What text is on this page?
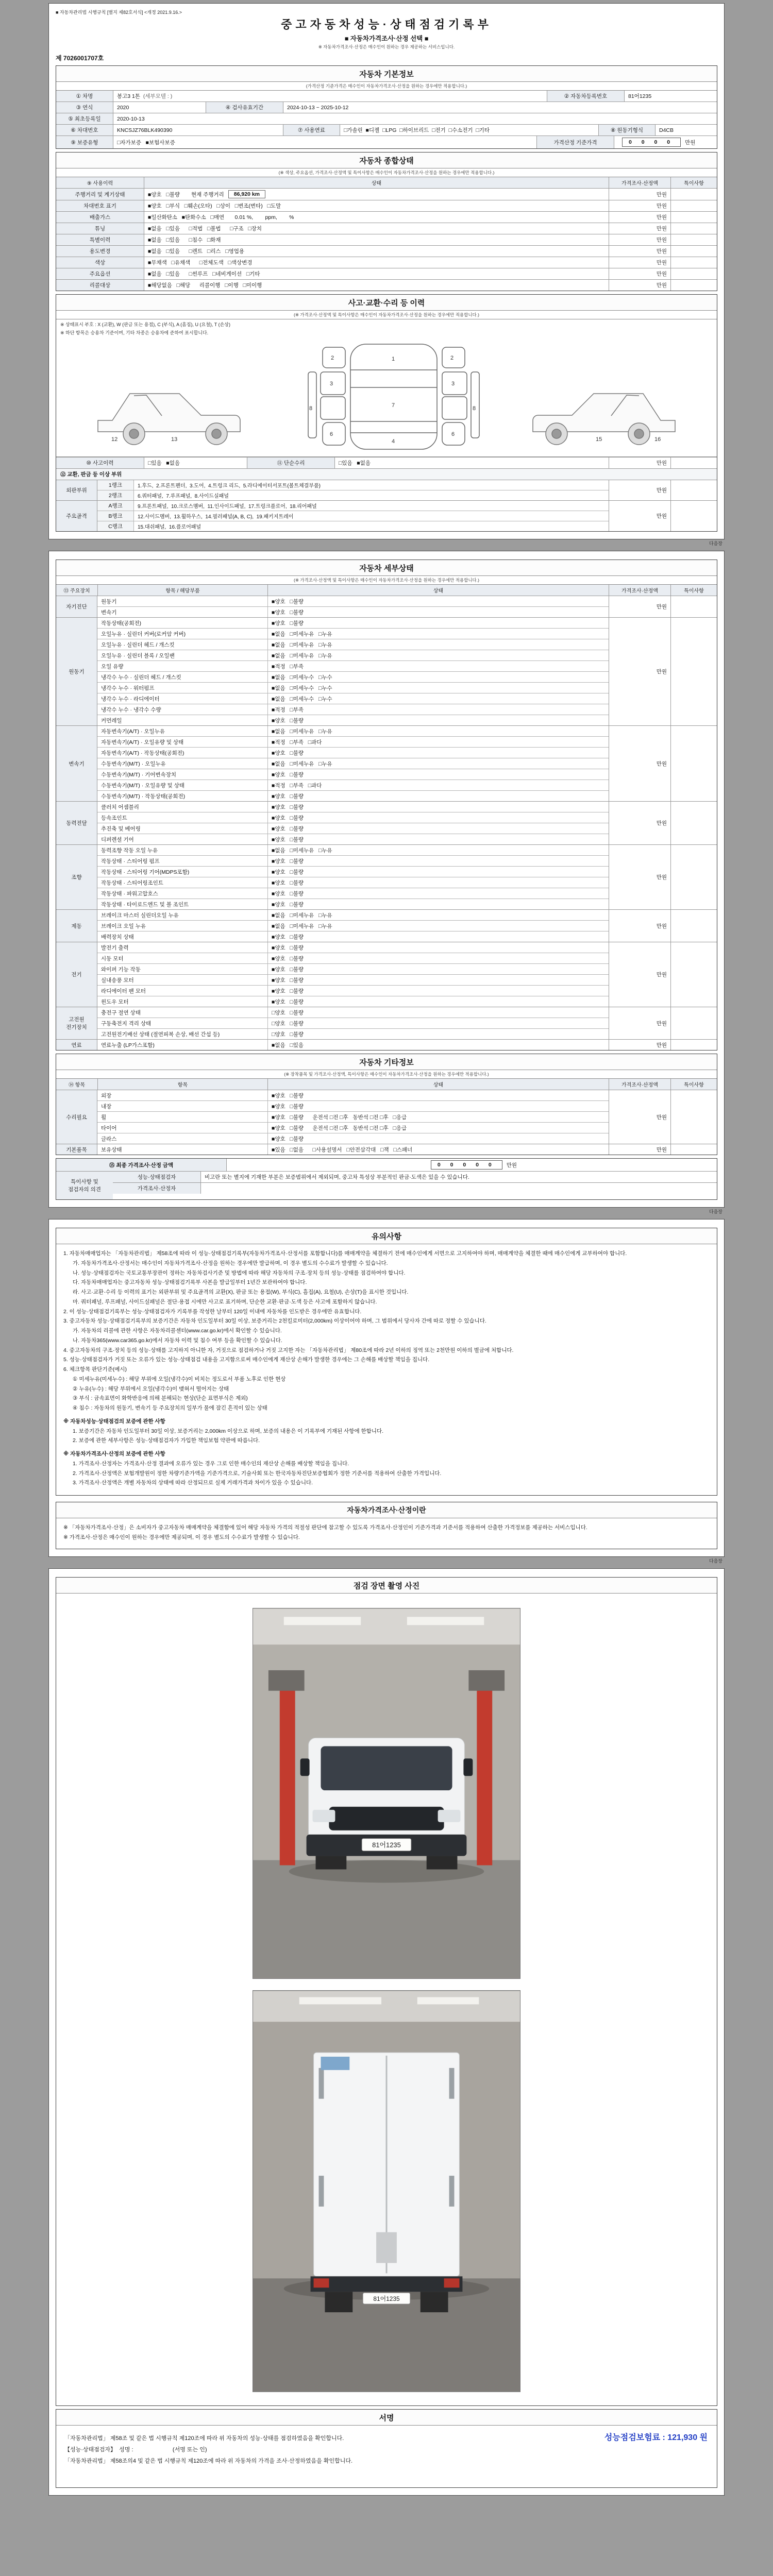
■ 자동차관리법 시행규칙 [별지 제82호서식] <개정 2021.9.16.>
중고자동차성능·상태점검기록부
■ 자동차가격조사·산정 선택 ■
※ 자동차가격조사·산정은 매수인이 원하는 경우 제공하는 서비스입니다.
제 7026001707호
자동차 기본정보
(가격산정 기준가격은 매수인이 자동차가격조사·산정을 원하는 경우에만 적용합니다.)
① 차명	봉고3 1톤
(세부모델 : )	② 자동차등록번호	81어1235
③ 연식	2020	④ 검사유효기간	2024-10-13 ~ 2025-10-12
⑤ 최초등록일	2020-10-13
⑥ 차대번호	KNCSJZ76BLK490390	⑦ 사용연료	□가솔린  ■디젤  □LPG  □하이브리드  □전기  □수소전기  □기타	⑧ 원동기형식	D4CB
⑨ 보증유형	□자가보증   ■보험사보증	가격산정 기준가격	0 0 0 0	만원
자동차 종합상태
(※ 색상, 주요옵션, 가격조사·산정액 및 특이사항은 매수인이 자동차가격조사·산정을 원하는 경우에만 적용합니다.)
⑨ 사용이력	상태	가격조사·산정액	특이사항
주행거리 및 계기상태	■양호   □불량 현재 주행거리	86,920 km	만원
차대번호 표기	■양호   □부식   □훼손(오타)   □상이   □변조(변타)   □도말	만원
배출가스	■일산화탄소   ■탄화수소   □매연       0.01 %,        ppm,        %	만원
튜닝	■없음   □있음      □적법   □불법      □구조   □장치	만원
특별이력	■없음   □있음      □침수   □화재	만원
용도변경	■없음   □있음      □렌트   □리스   □영업용	만원
색상	■무채색   □유채색      □전체도색   □색상변경	만원
주요옵션	■없음   □있음      □썬루프   □네비게이션   □기타	만원
리콜대상	■해당없음   □해당      리콜이행   □이행   □미이행	만원
사고·교환·수리 등 이력
(※ 가격조사·산정액 및 특이사항은 매수인이 자동차가격조사·산정을 원하는 경우에만 적용합니다.)
※ 상태표시 부호 : X (교환), W (판금 또는 용접), C (부식), A (흠집), U (요철), T (손상)
※ 하단 항목은 승용차 기준이며, 기타 차종은 승용차에 준하여 표시합니다.
12	13
1
7
4
2	2
3	3
6	6
8	8
15	16
⑩ 사고이력	□있음   ■없음	⑪ 단순수리	□있음   ■없음	만원
⑫ 교환, 판금 등 이상 부위
외판부위
1랭크	1.후드,  2.프론트펜더,  3.도어,  4.트렁크 리드,  5.라디에이터서포트(볼트체결부품)
2랭크	6.쿼터패널,  7.루프패널,  8.사이드실패널
만원
주요골격
A랭크	9.프론트패널,  10.크로스멤버,  11.인사이드패널,  17.트렁크플로어,  18.리어패널
B랭크	12.사이드멤버,  13.휠하우스,  14.필러패널(A, B, C),  19.패키지트레이
C랭크	15.대쉬패널,  16.플로어패널
만원
다음장
자동차 세부상태
(※ 가격조사·산정액 및 특이사항은 매수인이 자동차가격조사·산정을 원하는 경우에만 적용합니다.)
⑬ 주요장치	항목 / 해당부품	상태	가격조사·산정액	특이사항
자기진단
원동기	■양호   □불량
변속기	■양호   □불량
만원
원동기
작동상태(공회전)	■양호   □불량
오일누유 · 실린더 커버(로커암 커버)	■없음   □미세누유   □누유
오일누유 · 실린더 헤드 / 개스킷	■없음   □미세누유   □누유
오일누유 · 실린더 블록 / 오일팬	■없음   □미세누유   □누유
오일 유량	■적정   □부족
냉각수 누수 · 실린더 헤드 / 개스킷	■없음   □미세누수   □누수
냉각수 누수 · 워터펌프	■없음   □미세누수   □누수
냉각수 누수 · 라디에이터	■없음   □미세누수   □누수
냉각수 누수 · 냉각수 수량	■적정   □부족
커먼레일	■양호   □불량
만원
변속기
자동변속기(A/T) · 오일누유	■없음   □미세누유   □누유
자동변속기(A/T) · 오일유량 및 상태	■적정   □부족   □과다
자동변속기(A/T) · 작동상태(공회전)	■양호   □불량
수동변속기(M/T) · 오일누유	■없음   □미세누유   □누유
수동변속기(M/T) · 기어변속장치	■양호   □불량
수동변속기(M/T) · 오일유량 및 상태	■적정   □부족   □과다
수동변속기(M/T) · 작동상태(공회전)	■양호   □불량
만원
동력전달
클러치 어셈블리	■양호   □불량
등속조인트	■양호   □불량
추진축 및 베어링	■양호   □불량
디퍼렌셜 기어	■양호   □불량
만원
조향
동력조향 작동 오일 누유	■없음   □미세누유   □누유
작동상태 · 스티어링 펌프	■양호   □불량
작동상태 · 스티어링 기어(MDPS포함)	■양호   □불량
작동상태 · 스티어링조인트	■양호   □불량
작동상태 · 파워고압호스	■양호   □불량
작동상태 · 타이로드엔드 및 볼 조인트	■양호   □불량
만원
제동
브레이크 마스터 실린더오일 누유	■없음   □미세누유   □누유
브레이크 오일 누유	■없음   □미세누유   □누유
배력장치 상태	■양호   □불량
만원
전기
발전기 출력	■양호   □불량
시동 모터	■양호   □불량
와이퍼 기능 작동	■양호   □불량
실내송풍 모터	■양호   □불량
라디에이터 팬 모터	■양호   □불량
윈도우 모터	■양호   □불량
만원
고전원
전기장치
충전구 절연 상태	□양호   □불량
구동축전지 격리 상태	□양호   □불량
고전원전기배선 상태 (절연피복 손상, 배선 간섭 등)	□양호   □불량
만원
연료	연료누출 (LP가스포함)	■없음   □있음	만원
자동차 기타정보
(※ 장착품목 및 가격조사·산정액, 특이사항은 매수인이 자동차가격조사·산정을 원하는 경우에만 적용합니다.)
⑭ 항목	항목	상태	가격조사·산정액	특이사항
수리필요
외장	■양호   □불량
내장	■양호   □불량
휠	■양호   □불량      운전석 □전 □후   동반석 □전 □후   □응급
타이어	■양호   □불량      운전석 □전 □후   동반석 □전 □후   □응급
글라스	■양호   □불량
만원
기본품목	보유상태	■있음   □없음      □사용설명서   □안전삼각대   □잭   □스패너	만원
⑮ 최종 가격조사·산정 금액	0 0 0 0 0	만원
특이사항 및
점검자의 의견
성능·상태점검자	비고란 또는 별지에 기재한 부분은 보증범위에서 제외되며, 중고차 특성상 부분적인 판금·도색은 있을 수 있습니다.
가격조사·산정자
다음장
유의사항
1. 자동차매매업자는 「자동차관리법」 제58조에 따라 이 성능·상태점검기록부(자동차가격조사·산정서를 포함합니다)를 매매계약을 체결하기 전에 매수인에게 서면으로 고지하여야 하며, 매매계약을 체결한 때에 매수인에게 교부하여야 합니다.
가. 자동차가격조사·산정서는 매수인이 자동차가격조사·산정을 원하는 경우에만 발급하며, 이 경우 별도의 수수료가 발생할 수 있습니다.
나. 성능·상태점검자는 국토교통부장관이 정하는 자동차검사기준 및 방법에 따라 해당 자동차의 구조·장치 등의 성능·상태를 점검하여야 합니다.
다. 자동차매매업자는 중고자동차 성능·상태점검기록부 사본을 발급일부터 1년간 보관하여야 합니다.
라. 사고·교환·수리 등 이력의 표기는 외판부위 및 주요골격의 교환(X), 판금 또는 용접(W), 부식(C), 흠집(A), 요철(U), 손상(T)을 표시한 것입니다.
마. 쿼터패널, 루프패널, 사이드실패널은 절단·용접 시에만 사고로 표기하며, 단순한 교환·판금·도색 등은 사고에 포함하지 않습니다.
2. 이 성능·상태점검기록부는 성능·상태점검자가 기록부를 작성한 날부터 120일 이내에 자동차를 인도받은 경우에만 유효합니다.
3. 중고자동차 성능·상태점검기록부의 보증기간은 자동차 인도일부터 30일 이상, 보증거리는 2천킬로미터(2,000km) 이상이어야 하며, 그 범위에서 당사자 간에 따로 정할 수 있습니다.
가. 자동차의 리콜에 관한 사항은 자동차리콜센터(www.car.go.kr)에서 확인할 수 있습니다.
나. 자동차365(www.car365.go.kr)에서 자동차 이력 및 침수 여부 등을 확인할 수 있습니다.
4. 중고자동차의 구조·장치 등의 성능·상태를 고지하지 아니한 자, 거짓으로 점검하거나 거짓 고지한 자는 「자동차관리법」 제80조에 따라 2년 이하의 징역 또는 2천만원 이하의 벌금에 처합니다.
5. 성능·상태점검자가 거짓 또는 오류가 있는 성능·상태점검 내용을 고지함으로써 매수인에게 재산상 손해가 발생한 경우에는 그 손해를 배상할 책임을 집니다.
6. 체크항목 판단기준(예시)
① 미세누유(미세누수) : 해당 부위에 오일(냉각수)이 비치는 정도로서 부품 노후로 인한 현상
② 누유(누수) : 해당 부위에서 오일(냉각수)이 맺혀서 떨어지는 상태
③ 부식 : 금속표면이 화학반응에 의해 분해되는 현상(단순 표면부식은 제외)
④ 침수 : 자동차의 원동기, 변속기 등 주요장치의 일부가 물에 잠긴 흔적이 있는 상태
※ 자동차성능·상태점검의 보증에 관한 사항
1. 보증기간은 자동차 인도일부터 30일 이상, 보증거리는 2,000km 이상으로 하며, 보증의 내용은 이 기록부에 기재된 사항에 한합니다.
2. 보증에 관한 세부사항은 성능·상태점검자가 가입한 책임보험 약관에 따릅니다.
※ 자동차가격조사·산정의 보증에 관한 사항
1. 가격조사·산정자는 가격조사·산정 결과에 오류가 있는 경우 그로 인한 매수인의 재산상 손해를 배상할 책임을 집니다.
2. 가격조사·산정액은 보험개발원이 정한 차량기준가액을 기준가격으로, 기술사회 또는 한국자동차진단보증협회가 정한 기준서를 적용하여 산출한 가격입니다.
3. 가격조사·산정액은 개별 자동차의 상태에 따라 산정되므로 실제 거래가격과 차이가 있을 수 있습니다.
자동차가격조사·산정이란
※ 「자동차가격조사·산정」은 소비자가 중고자동차 매매계약을 체결함에 있어 해당 자동차 가격의 적절성 판단에 참고할 수 있도록 가격조사·산정인이 기준가격과 기준서를 적용하여 산출한 가격정보를 제공하는 서비스입니다.
※ 가격조사·산정은 매수인이 원하는 경우에만 제공되며, 이 경우 별도의 수수료가 발생할 수 있습니다.
다음장
점검 장면 촬영 사진
81어1235
81어1235
서명
성능점검보험료 : 121,930 원
「자동차관리법」 제58조 및 같은 법 시행규칙 제120조에 따라 위 자동차의 성능·상태를 점검하였음을 확인합니다.
【성능·상태점검자】  성명 :                         (서명 또는 인)
「자동차관리법」 제58조의4 및 같은 법 시행규칙 제120조에 따라 위 자동차의 가격을 조사·산정하였음을 확인합니다.
